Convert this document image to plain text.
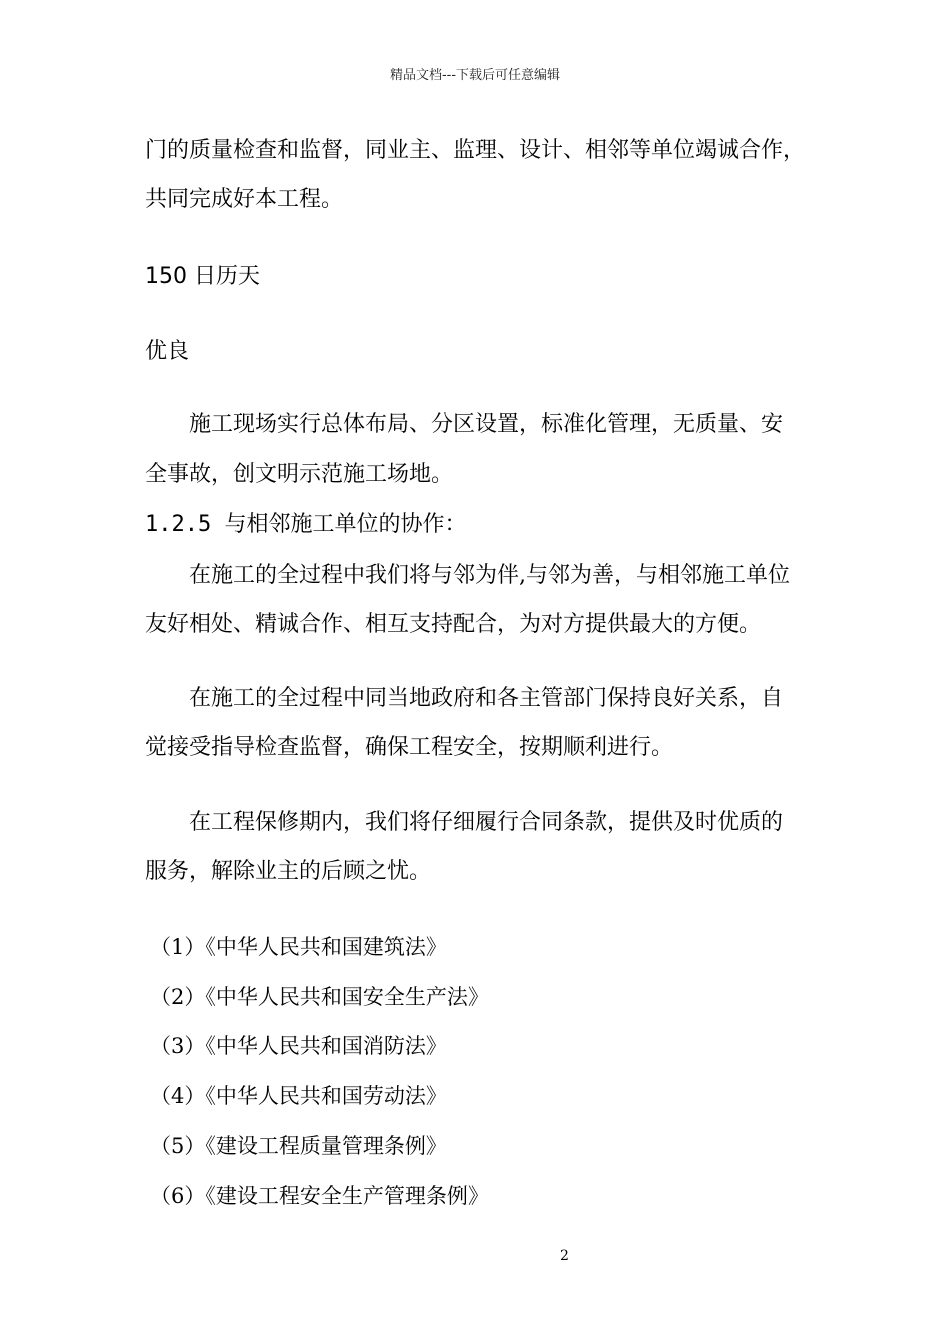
精品文档---下载后可任意编辑
门的质量检查和监督，同业主、监理、设计、相邻等单位竭诚合作，
共同完成好本工程。
150 日历天
优良
施工现场实行总体布局、分区设置，标准化管理，无质量、安
全事故，创文明示范施工场地。
1.2.5 与相邻施工单位的协作：
在施工的全过程中我们将与邻为伴,与邻为善，与相邻施工单位
友好相处、精诚合作、相互支持配合，为对方提供最大的方便。
在施工的全过程中同当地政府和各主管部门保持良好关系，自
觉接受指导检查监督，确保工程安全，按期顺利进行。
在工程保修期内，我们将仔细履行合同条款，提供及时优质的
服务，解除业主的后顾之忧。
（1）《中华人民共和国建筑法》
（2）《中华人民共和国安全生产法》
（3）《中华人民共和国消防法》
（4）《中华人民共和国劳动法》
（5）《建设工程质量管理条例》
（6）《建设工程安全生产管理条例》
2
